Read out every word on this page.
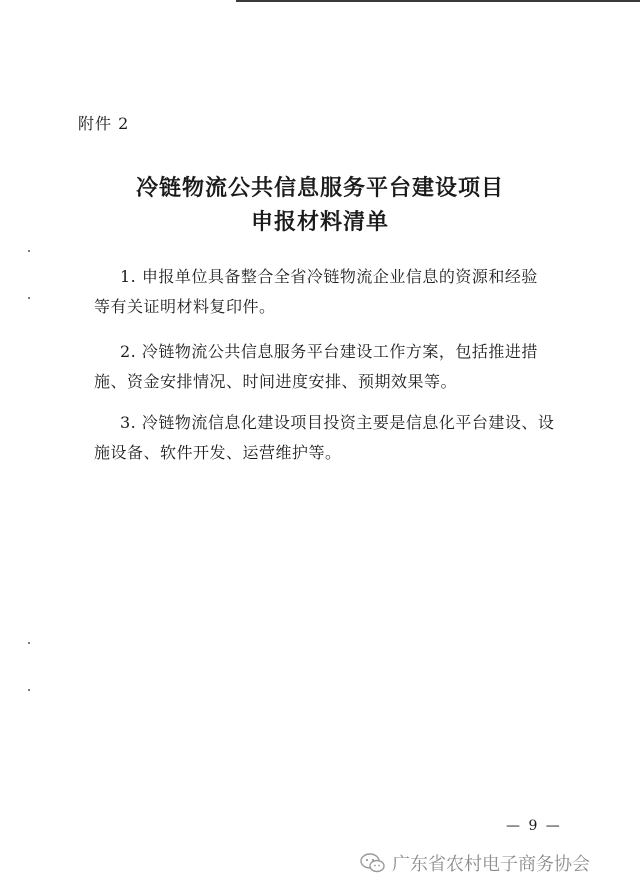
附件 2
冷链物流公共信息服务平台建设项目
申报材料清单
1. 申报单位具备整合全省冷链物流企业信息的资源和经验
等有关证明材料复印件。
2. 冷链物流公共信息服务平台建设工作方案，包括推进措
施、资金安排情况、时间进度安排、预期效果等。
3. 冷链物流信息化建设项目投资主要是信息化平台建设、设
施设备、软件开发、运营维护等。
— 9 —
广东省农村电子商务协会
